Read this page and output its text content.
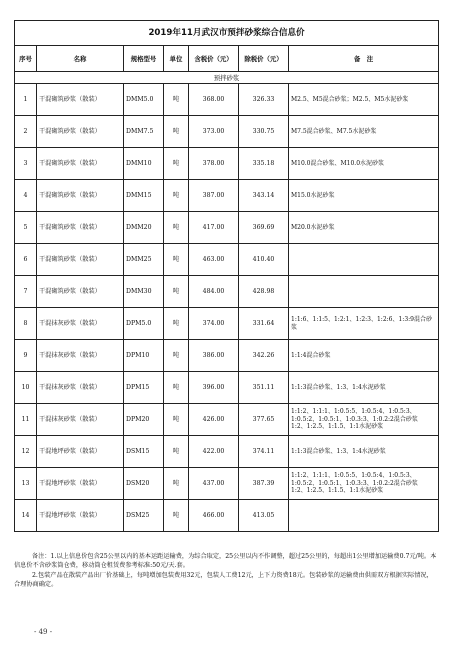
2019年11月武汉市预拌砂浆综合信息价						
序号	名称	规格型号	单位	含税价（元）	除税价（元）	备　注
预拌砂浆						
1	干混砌筑砂浆（散装）	DMM5.0	吨	368.00	326.33	M2.5、M5混合砂浆；M2.5、M5水泥砂浆
2	干混砌筑砂浆（散装）	DMM7.5	吨	373.00	330.75	M7.5混合砂浆、M7.5水泥砂浆
3	干混砌筑砂浆（散装）	DMM10	吨	378.00	335.18	M10.0混合砂浆、M10.0水泥砂浆
4	干混砌筑砂浆（散装）	DMM15	吨	387.00	343.14	M15.0水泥砂浆
5	干混砌筑砂浆（散装）	DMM20	吨	417.00	369.69	M20.0水泥砂浆
6	干混砌筑砂浆（散装）	DMM25	吨	463.00	410.40	
7	干混砌筑砂浆（散装）	DMM30	吨	484.00	428.98	
8	干混抹灰砂浆（散装）	DPM5.0	吨	374.00	331.64	1:1:6、1:1:5、1:2:1、1:2:3、1:2:6、1:3:9混合砂浆
9	干混抹灰砂浆（散装）	DPM10	吨	386.00	342.26	1:1:4混合砂浆
10	干混抹灰砂浆（散装）	DPM15	吨	396.00	351.11	1:1:3混合砂浆、1:3、1:4水泥砂浆
11	干混抹灰砂浆（散装）	DPM20	吨	426.00	377.65	1:1:2、1:1:1、1:0.5:5、1:0.5:4、1:0.5:3、1:0.5:2、1:0.5:1、1:0.3:3、1:0.2:2混合砂浆　1:2、1:2.5、1:1.5、1:1水泥砂浆
12	干混地坪砂浆（散装）	DSM15	吨	422.00	374.11	1:1:3混合砂浆、1:3、1:4水泥砂浆
13	干混地坪砂浆（散装）	DSM20	吨	437.00	387.39	1:1:2、1:1:1、1:0.5:5、1:0.5:4、1:0.5:3、1:0.5:2、1:0.5:1、1:0.3:3、1:0.2:2混合砂浆　1:2、1:2.5、1:1.5、1:1水泥砂浆
14	干混地坪砂浆（散装）	DSM25	吨	466.00	413.05	

备注：1.以上信息价包含25公里以内的基本运距运输费，为综合取定，25公里以内不作调整，超过25公里的，每超出1公里增加运输费0.7元/吨。本信息价不含砂浆筒仓费，移动筒仓租赁费参考标准:50元/天.套。

2.包装产品在散装产品出厂价基础上，每吨增加包装费用32元，包装人工费12元，上下力资费18元。包装砂浆的运输费由供需双方根据实际情况，合理协商确定。

- 49 -
